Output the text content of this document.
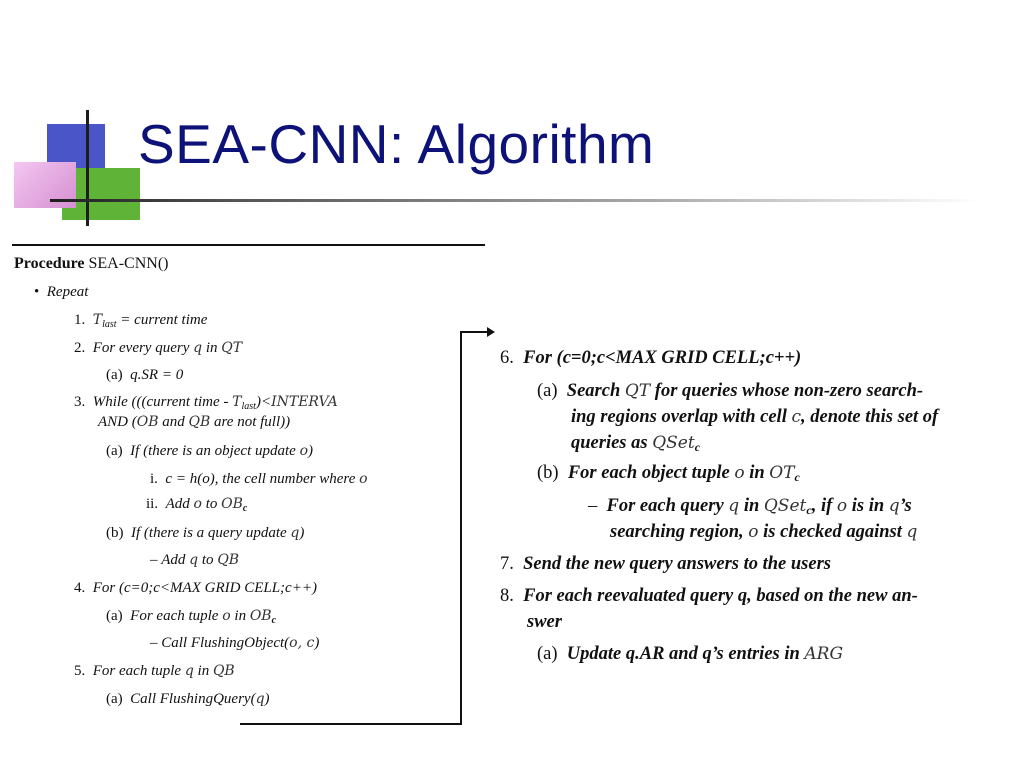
SEA-CNN: Algorithm
Procedure SEA-CNN()
• Repeat
1. $T_{last}$ = current time
2. For every query q in QT
(a) q.SR = 0
3. While (((current time - $T_{last})<INTERVA$
AND (OB and QB are not full))
(a) If (there is an object update o)
i. c = h(o), the cell number where o
ii. Add o to $OB_c$
(b) If (there is a query update q)
– Add q to QB
4. For (c=0;c<MAX GRID CELL;c++)
(a) For each tuple o in $OB_c$
– Call FlushingObject(o, c)
5. For each tuple q in QB
(a) Call FlushingQuery(q)
6. For (c=0;c<MAX GRID CELL;c++)
(a) Search QT for queries whose non-zero search-
ing regions overlap with cell c, denote this set of
queries as QSet$_c$
(b) For each object tuple o in $OT_c$
– For each query q in QSet$_c$, if o is in q’s
searching region, o is checked against q
7. Send the new query answers to the users
8. For each reevaluated query q, based on the new an-
swer
(a) Update q.AR and q’s entries in ARG
